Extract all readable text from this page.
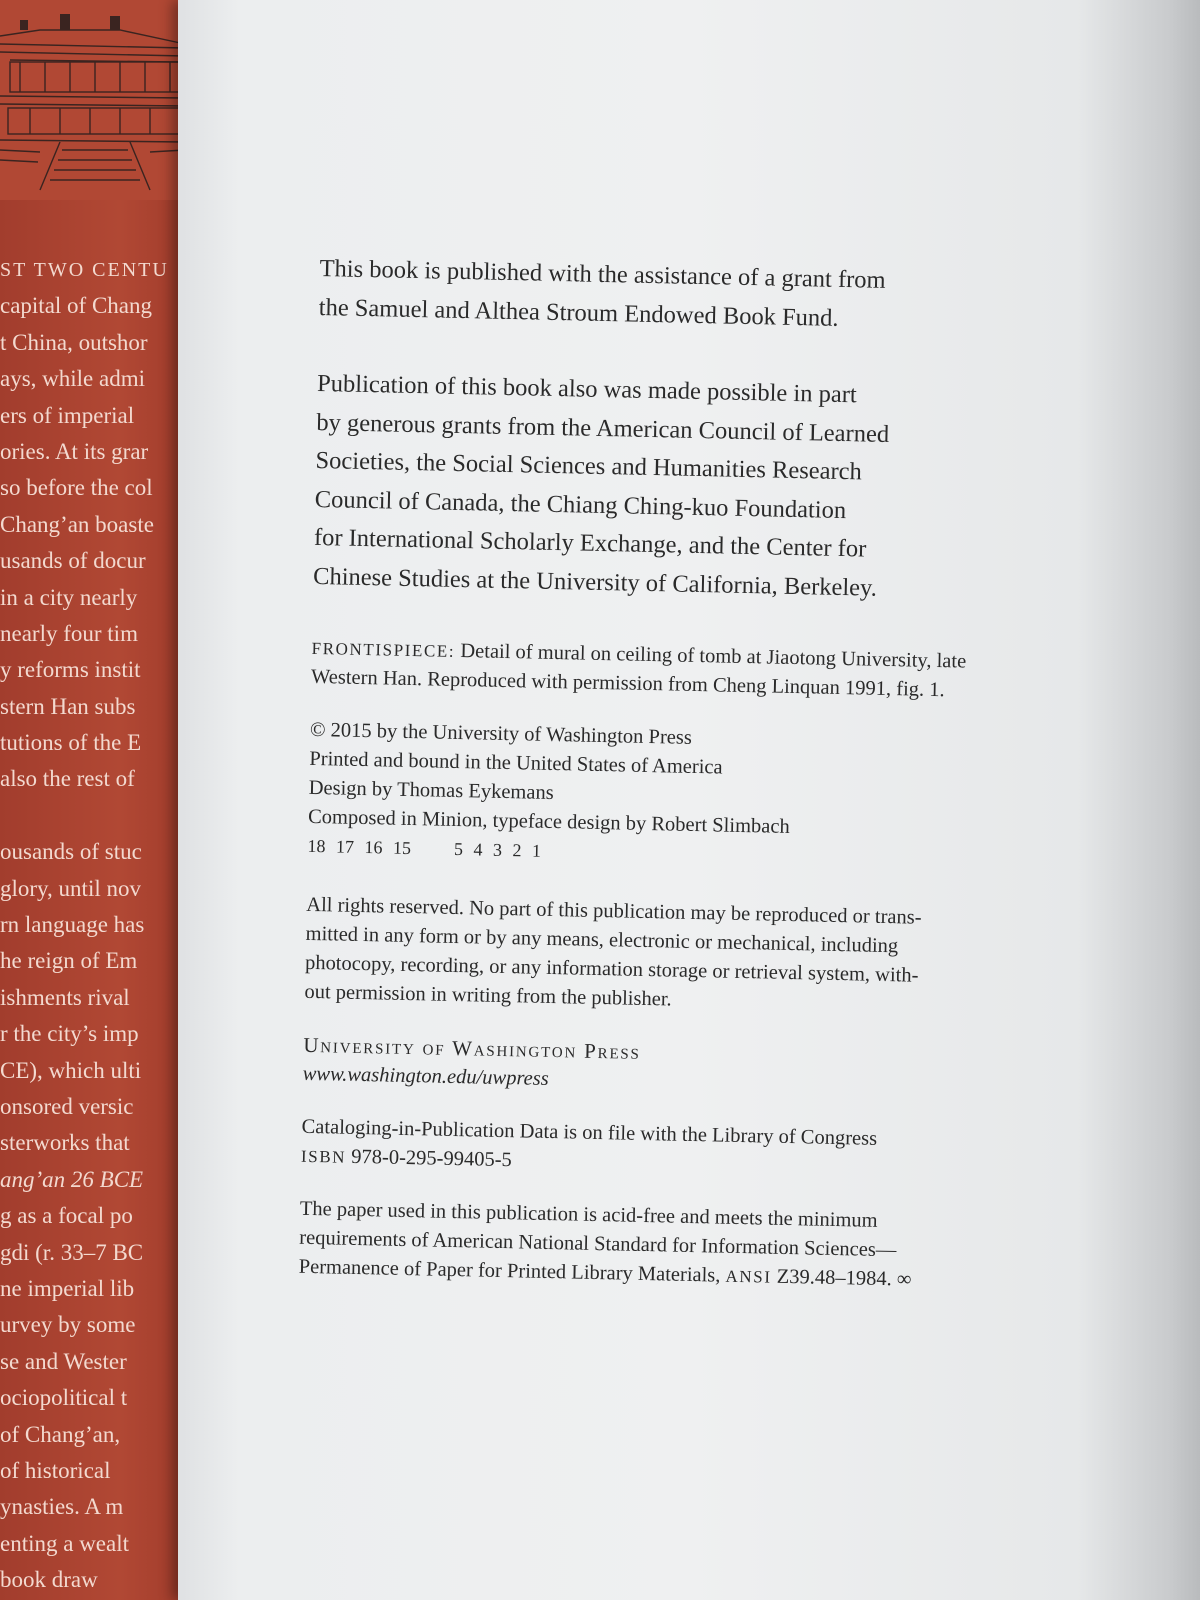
ST TWO CENTU
capital of Chang
t China, outshor
ays, while admi
ers of imperial
ories. At its grar
so before the col
Chang’an boaste
usands of docur
in a city nearly
nearly four tim
y reforms instit
stern Han subs
tutions of the E
also the rest of
ousands of stuc
glory, until nov
rn language has
he reign of Em
ishments rival
r the city’s imp
CE), which ulti
onsored versic
sterworks that
ang’an 26 BCE
g as a focal po
gdi (r. 33–7 BC
ne imperial lib
urvey by some
se and Wester
ociopolitical t
of Chang’an,
of historical
ynasties. A m
enting a wealt
book draw
This book is published with the assistance of a grant from
the Samuel and Althea Stroum Endowed Book Fund.
Publication of this book also was made possible in part
by generous grants from the American Council of Learned
Societies, the Social Sciences and Humanities Research
Council of Canada, the Chiang Ching-kuo Foundation
for International Scholarly Exchange, and the Center for
Chinese Studies at the University of California, Berkeley.
FRONTISPIECE: Detail of mural on ceiling of tomb at Jiaotong University, late
Western Han. Reproduced with permission from Cheng Linquan 1991, fig. 1.
© 2015 by the University of Washington Press
Printed and bound in the United States of America
Design by Thomas Eykemans
Composed in Minion, typeface design by Robert Slimbach
18 17 16 15 5 4 3 2 1
All rights reserved. No part of this publication may be reproduced or trans-
mitted in any form or by any means, electronic or mechanical, including
photocopy, recording, or any information storage or retrieval system, with-
out permission in writing from the publisher.
University of Washington Press
www.washington.edu/uwpress
Cataloging-in-Publication Data is on file with the Library of Congress
ISBN 978-0-295-99405-5
The paper used in this publication is acid-free and meets the minimum
requirements of American National Standard for Information Sciences—
Permanence of Paper for Printed Library Materials, ANSI Z39.48–1984. ∞
